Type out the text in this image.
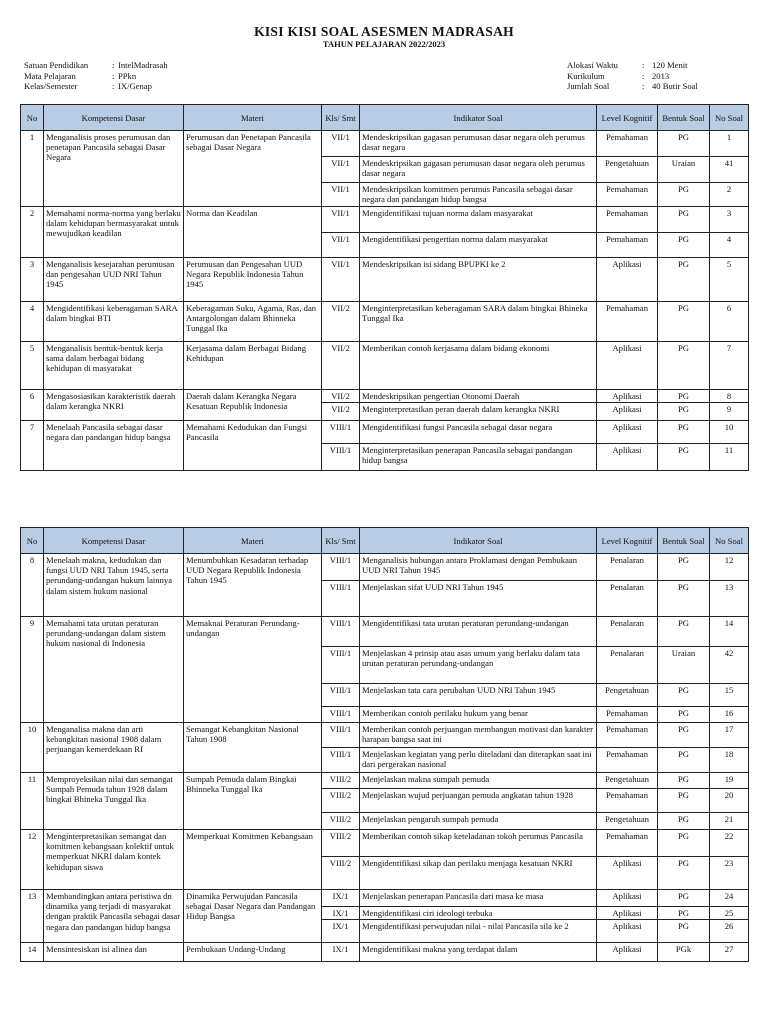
KISI KISI SOAL ASESMEN MADRASAH
TAHUN PELAJARAN 2022/2023
Satuan Pendidikan	: IntelMadrasah
Mata Pelajaran	: PPkn
Kelas/Semester	: IX/Genap
Alokasi Waktu	: 120 Menit
Kurikulum	: 2013
Jumlah Soal	: 40 Butir Soal
No	Kompetensi Dasar	Materi	Kls/ Smt	Indikator Soal	Level Kognitif	Bentuk Soal	No Soal
1	Menganalisis proses perumusan dan penetapan Pancasila sebagai Dasar Negara	Perumusan dan Penetapan Pancasila sebagai Dasar Negara	VII/1	Mendeskripsikan gagasan perumusan dasar negara oleh perumus dasar negara	Pemahaman	PG	1
			VII/1	Mendeskripsikan gagasan perumusan dasar negara oleh perumus dasar negara	Pengetahuan	Uraian	41
			VII/1	Mendeskripsikan komitmen perumus Pancasila sebagai dasar negara dan pandangan hidup bangsa	Pemahaman	PG	2
2	Memahami norma-norma yang berlaku dalam kehidupan bermasyarakat untuk mewujudkan keadilan	Norma dan Keadilan	VII/1	Mengidentifikasi tujuan norma dalam masyarakat	Pemahaman	PG	3
			VII/1	Mengidentifikasi pengertian norma dalam masyarakat	Pemahaman	PG	4
3	Menganalisis kesejarahan perumusan dan pengesahan UUD NRI Tahun 1945	Perumusan dan Pengesahan UUD Negara Republik Indonesia Tahun 1945	VII/1	Mendeskripsikan isi sidang BPUPKI ke 2	Aplikasi	PG	5
4	Mengidentifikasi keberagaman SARA dalam bingkai BTI	Keberagaman Suku, Agama, Ras, dan Antargolongan dalam Bhinneka Tunggal Ika	VII/2	Menginterpretasikan keberagaman SARA dalam bingkai Bhineka Tunggal Ika	Pemahaman	PG	6
5	Menganalisis bentuk-bentuk kerja sama dalam berbagai bidang kehidupan di masyarakat	Kerjasama dalam Berbagai Bidang Kehidupan	VII/2	Memberikan contoh kerjasama dalam bidang ekonomi	Aplikasi	PG	7
6	Mengasosiasikan karakteristik daerah dalam kerangka NKRI	Daerah dalam Kerangka Negara Kesatuan Republik Indonesia	VII/2	Mendeskripsikan pengertian Otonomi Daerah	Aplikasi	PG	8
			VII/2	Menginterpretasikan peran daerah dalam kerangka NKRI	Aplikasi	PG	9
7	Menelaah Pancasila sebagai dasar negara dan pandangan hidup bangsa	Memahami Kedudukan dan Fungsi Pancasila	VIII/1	Mengidentifikasi fungsi Pancasila sebagai dasar negara	Aplikasi	PG	10
			VIII/1	Menginterpretasikan penerapan Pancasila sebagai pandangan hidup bangsa	Aplikasi	PG	11
No	Kompetensi Dasar	Materi	Kls/ Smt	Indikator Soal	Level Kognitif	Bentuk Soal	No Soal
8	Menelaah makna, kedudukan dan fungsi UUD NRI Tahun 1945, serta perundang-undangan hukum lainnya dalam sistem hukum nasional	Menumbuhkan Kesadaran terhadap UUD Negara Republik Indonesia Tahun 1945	VIII/1	Menganalisis hubungan antara Proklamasi dengan Pembukaan UUD NRI Tahun 1945	Penalaran	PG	12
			VIII/1	Menjelaskan sifat UUD NRI Tahun 1945	Penalaran	PG	13
9	Memahami tata urutan peraturan perundang-undangan dalam sistem hukum nasional di Indonesia	Memaknai Peraturan Perundang-undangan	VIII/1	Mengidentifikasi tata urutan peraturan perundang-undangan	Penalaran	PG	14
			VIII/1	Menjelaskan 4 prinsip atau asas umum yang berlaku dalam tata urutan peraturan perundang-undangan	Penalaran	Uraian	42
			VIII/1	Menjelaskan tata cara perubahan UUD NRI Tahun 1945	Pengetahuan	PG	15
			VIII/1	Memberikan contoh perilaku hukum yang benar	Pemahaman	PG	16
10	Menganalisa makna dan arti kebangkitan nasional 1908 dalam perjuangan kemerdekaan RI	Semangat Kebangkitan Nasional Tahun 1908	VIII/1	Memberikan contoh perjuangan membangun motivasi dan karakter harapan bangsa saat ini	Pemahaman	PG	17
			VIII/1	Menjelaskan kegiatan yang perlu diteladani dan diterapkan saat ini dari pergerakan nasional	Pemahaman	PG	18
11	Memproyeksikan nilai dan semangat Sumpah Pemuda tahun 1928 dalam bingkai Bhineka Tunggal Ika	Sumpah Pemuda dalam Bingkai Bhinneka Tunggal Ika	VIII/2	Menjelaskan makna sumpah pemuda	Pengetahuan	PG	19
			VIII/2	Menjelaskan wujud perjuangan pemuda angkatan tahun 1928	Pemahaman	PG	20
			VIII/2	Menjelaskan pengaruh sumpah pemuda	Pengetahuan	PG	21
12	Menginterpretasikan semangat dan komitmen kebangsaan kolektif untuk memperkuat NKRI dalam kontek kehidupan siswa	Memperkuat Komitmen Kebangsaan	VIII/2	Memberikan contoh sikap keteladanan tokoh perumus Pancasila	Pemahaman	PG	22
			VIII/2	Mengidentifikasi sikap dan perilaku menjaga kesatuan NKRI	Aplikasi	PG	23
13	Membandingkan antara peristiwa dn dinamika yang terjadi di masyarakat dengan praktik Pancasila sebagai dasar negara dan pandangan hidup bangsa	Dinamika Perwujudan Pancasila sebagai Dasar Negara dan Pandangan Hidup Bangsa	IX/1	Menjelaskan penerapan Pancasila dari masa ke masa	Aplikasi	PG	24
			IX/1	Mengidentifikasi ciri ideologi terbuka	Aplikasi	PG	25
			IX/1	Mengidentifikasi perwujudan nilai - nilai Pancasila sila ke 2	Aplikasi	PG	26
14	Mensintesiskan isi alinea dan	Pembukaan Undang-Undang	IX/1	Mengidentifikasi makna yang terdapat dalam	Aplikasi	PGk	27
